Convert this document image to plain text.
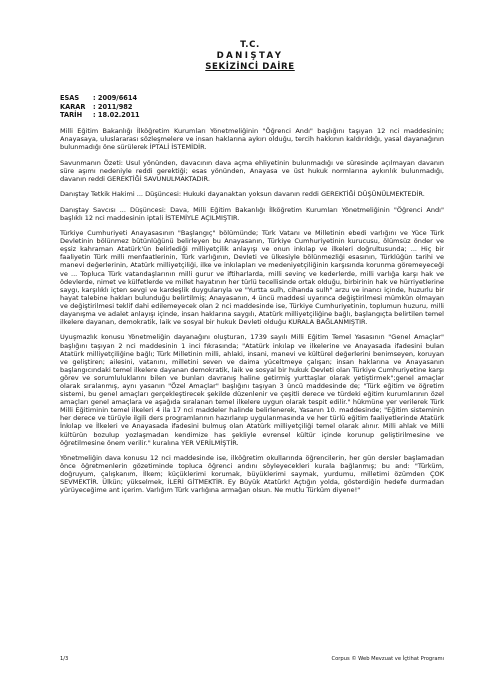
T.C.
DANIŞTAY
SEKİZİNCİ DAİRE
ESAS	: 2009/6614
KARAR	: 2011/982
TARİH	: 18.02.2011

Milli Eğitim Bakanlığı İlköğretim Kurumları Yönetmeliğinin "Öğrenci Andı" başlığını taşıyan 12 nci maddesinin; Anayasaya, uluslararası sözleşmelere ve insan haklarına aykırı olduğu, tercih hakkının kaldırıldığı, yasal dayanağının bulunmadığı öne sürülerek İPTALİ İSTEMİDİR.

Savunmanın Özeti: Usul yönünden, davacının dava açma ehliyetinin bulunmadığı ve süresinde açılmayan davanın süre aşımı nedeniyle reddi gerektiği; esas yönünden, Anayasa ve üst hukuk normlarına aykırılık bulunmadığı, davanın reddi GEREKTİĞİ SAVUNULMAKTADIR.

Danıştay Tetkik Hakimi ... Düşüncesi: Hukuki dayanaktan yoksun davanın reddi GEREKTİĞİ DÜŞÜNÜLMEKTEDİR.

Danıştay Savcısı ... Düşüncesi: Dava, Milli Eğitim Bakanlığı İlköğretim Kurumları Yönetmeliğinin "Öğrenci Andı" başlıklı 12 nci maddesinin iptali İSTEMİYLE AÇILMIŞTIR.

Türkiye Cumhuriyeti Anayasasının "Başlangıç" bölümünde; Türk Vatanı ve Milletinin ebedi varlığını ve Yüce Türk Devletinin bölünmez bütünlüğünü belirleyen bu Anayasanın, Türkiye Cumhuriyetinin kurucusu, ölümsüz önder ve eşsiz kahraman Atatürk'ün belirlediği milliyetçilik anlayışı ve onun inkılap ve ilkeleri doğrultusunda; ... Hiç bir faaliyetin Türk milli menfaatlerinin, Türk varlığının, Devleti ve ülkesiyle bölünmezliği esasının, Türklüğün tarihi ve manevi değerlerinin, Atatürk milliyetçiliği, ilke ve inkılapları ve medeniyetçiliğinin karşısında korunma göremeyeceği ve ... Topluca Türk vatandaşlarının milli gurur ve iftiharlarda, milli sevinç ve kederlerde, milli varlığa karşı hak ve ödevlerde, nimet ve külfetlerde ve millet hayatının her türlü tecellisinde ortak olduğu, birbirinin hak ve hürriyetlerine saygı, karşılıklı içten sevgi ve kardeşlik duygularıyla ve "Yurtta sulh, cihanda sulh" arzu ve inancı içinde, huzurlu bir hayat talebine hakları bulunduğu belirtilmiş; Anayasanın, 4 üncü maddesi uyarınca değiştirilmesi mümkün olmayan ve değiştirilmesi teklif dahi edilemeyecek olan 2 nci maddesinde ise, Türkiye Cumhuriyetinin, toplumun huzuru, milli dayanışma ve adalet anlayışı içinde, insan haklarına saygılı, Atatürk milliyetçiliğine bağlı, başlangıçta belirtilen temel ilkelere dayanan, demokratik, laik ve sosyal bir hukuk Devleti olduğu KURALA BAĞLANMIŞTIR.

Uyuşmazlık konusu Yönetmeliğin dayanağını oluşturan, 1739 sayılı Milli Eğitim Temel Yasasının "Genel Amaçlar" başlığını taşıyan 2 nci maddesinin 1 inci fıkrasında; "Atatürk inkılap ve ilkelerine ve Anayasada ifadesini bulan Atatürk milliyetçiliğine bağlı; Türk Milletinin milli, ahlaki, insani, manevi ve kültürel değerlerini benimseyen, koruyan ve geliştiren; ailesini, vatanını, milletini seven ve daima yüceltmeye çalışan; insan haklarına ve Anayasanın başlangıcındaki temel ilkelere dayanan demokratik, laik ve sosyal bir hukuk Devleti olan Türkiye Cumhuriyetine karşı görev ve sorumluluklarını bilen ve bunları davranış haline getirmiş yurttaşlar olarak yetiştirmek";genel amaçlar olarak sıralanmış, aynı yasanın "Özel Amaçlar" başlığını taşıyan 3 üncü maddesinde de; "Türk eğitim ve öğretim sistemi, bu genel amaçları gerçekleştirecek şekilde düzenlenir ve çeşitli derece ve türdeki eğitim kurumlarının özel amaçları genel amaçlara ve aşağıda sıralanan temel ilkelere uygun olarak tespit edilir." hükmüne yer verilerek Türk Milli Eğitiminin temel ilkeleri 4 ila 17 nci maddeler halinde belirlenerek, Yasanın 10. maddesinde; "Eğitim sisteminin her derece ve türüyle ilgili ders programlarının hazırlanıp uygulanmasında ve her türlü eğitim faaliyetlerinde Atatürk İnkılap ve İlkeleri ve Anayasada ifadesini bulmuş olan Atatürk milliyetçiliği temel olarak alınır. Milli ahlak ve Milli kültürün bozulup yozlaşmadan kendimize has şekliyle evrensel kültür içinde korunup geliştirilmesine ve öğretilmesine önem verilir." kuralına YER VERİLMİŞTİR.

Yönetmeliğin dava konusu 12 nci maddesinde ise, ilköğretim okullarında öğrencilerin, her gün dersler başlamadan önce öğretmenlerin gözetiminde topluca öğrenci andını söyleyecekleri kurala bağlanmış; bu and: "Türküm, doğruyum, çalışkanım, İlkem; küçüklerimi korumak, büyüklerimi saymak, yurdumu, milletimi özümden ÇOK SEVMEKTİR. Ülkün; yükselmek, İLERİ GİTMEKTİR. Ey Büyük Atatürk! Açtığın yolda, gösterdiğin hedefe durmadan yürüyeceğime ant içerim. Varlığım Türk varlığına armağan olsun. Ne mutlu Türküm diyene!"

1/3	Corpus © Web Mevzuat ve İçtihat Programı
